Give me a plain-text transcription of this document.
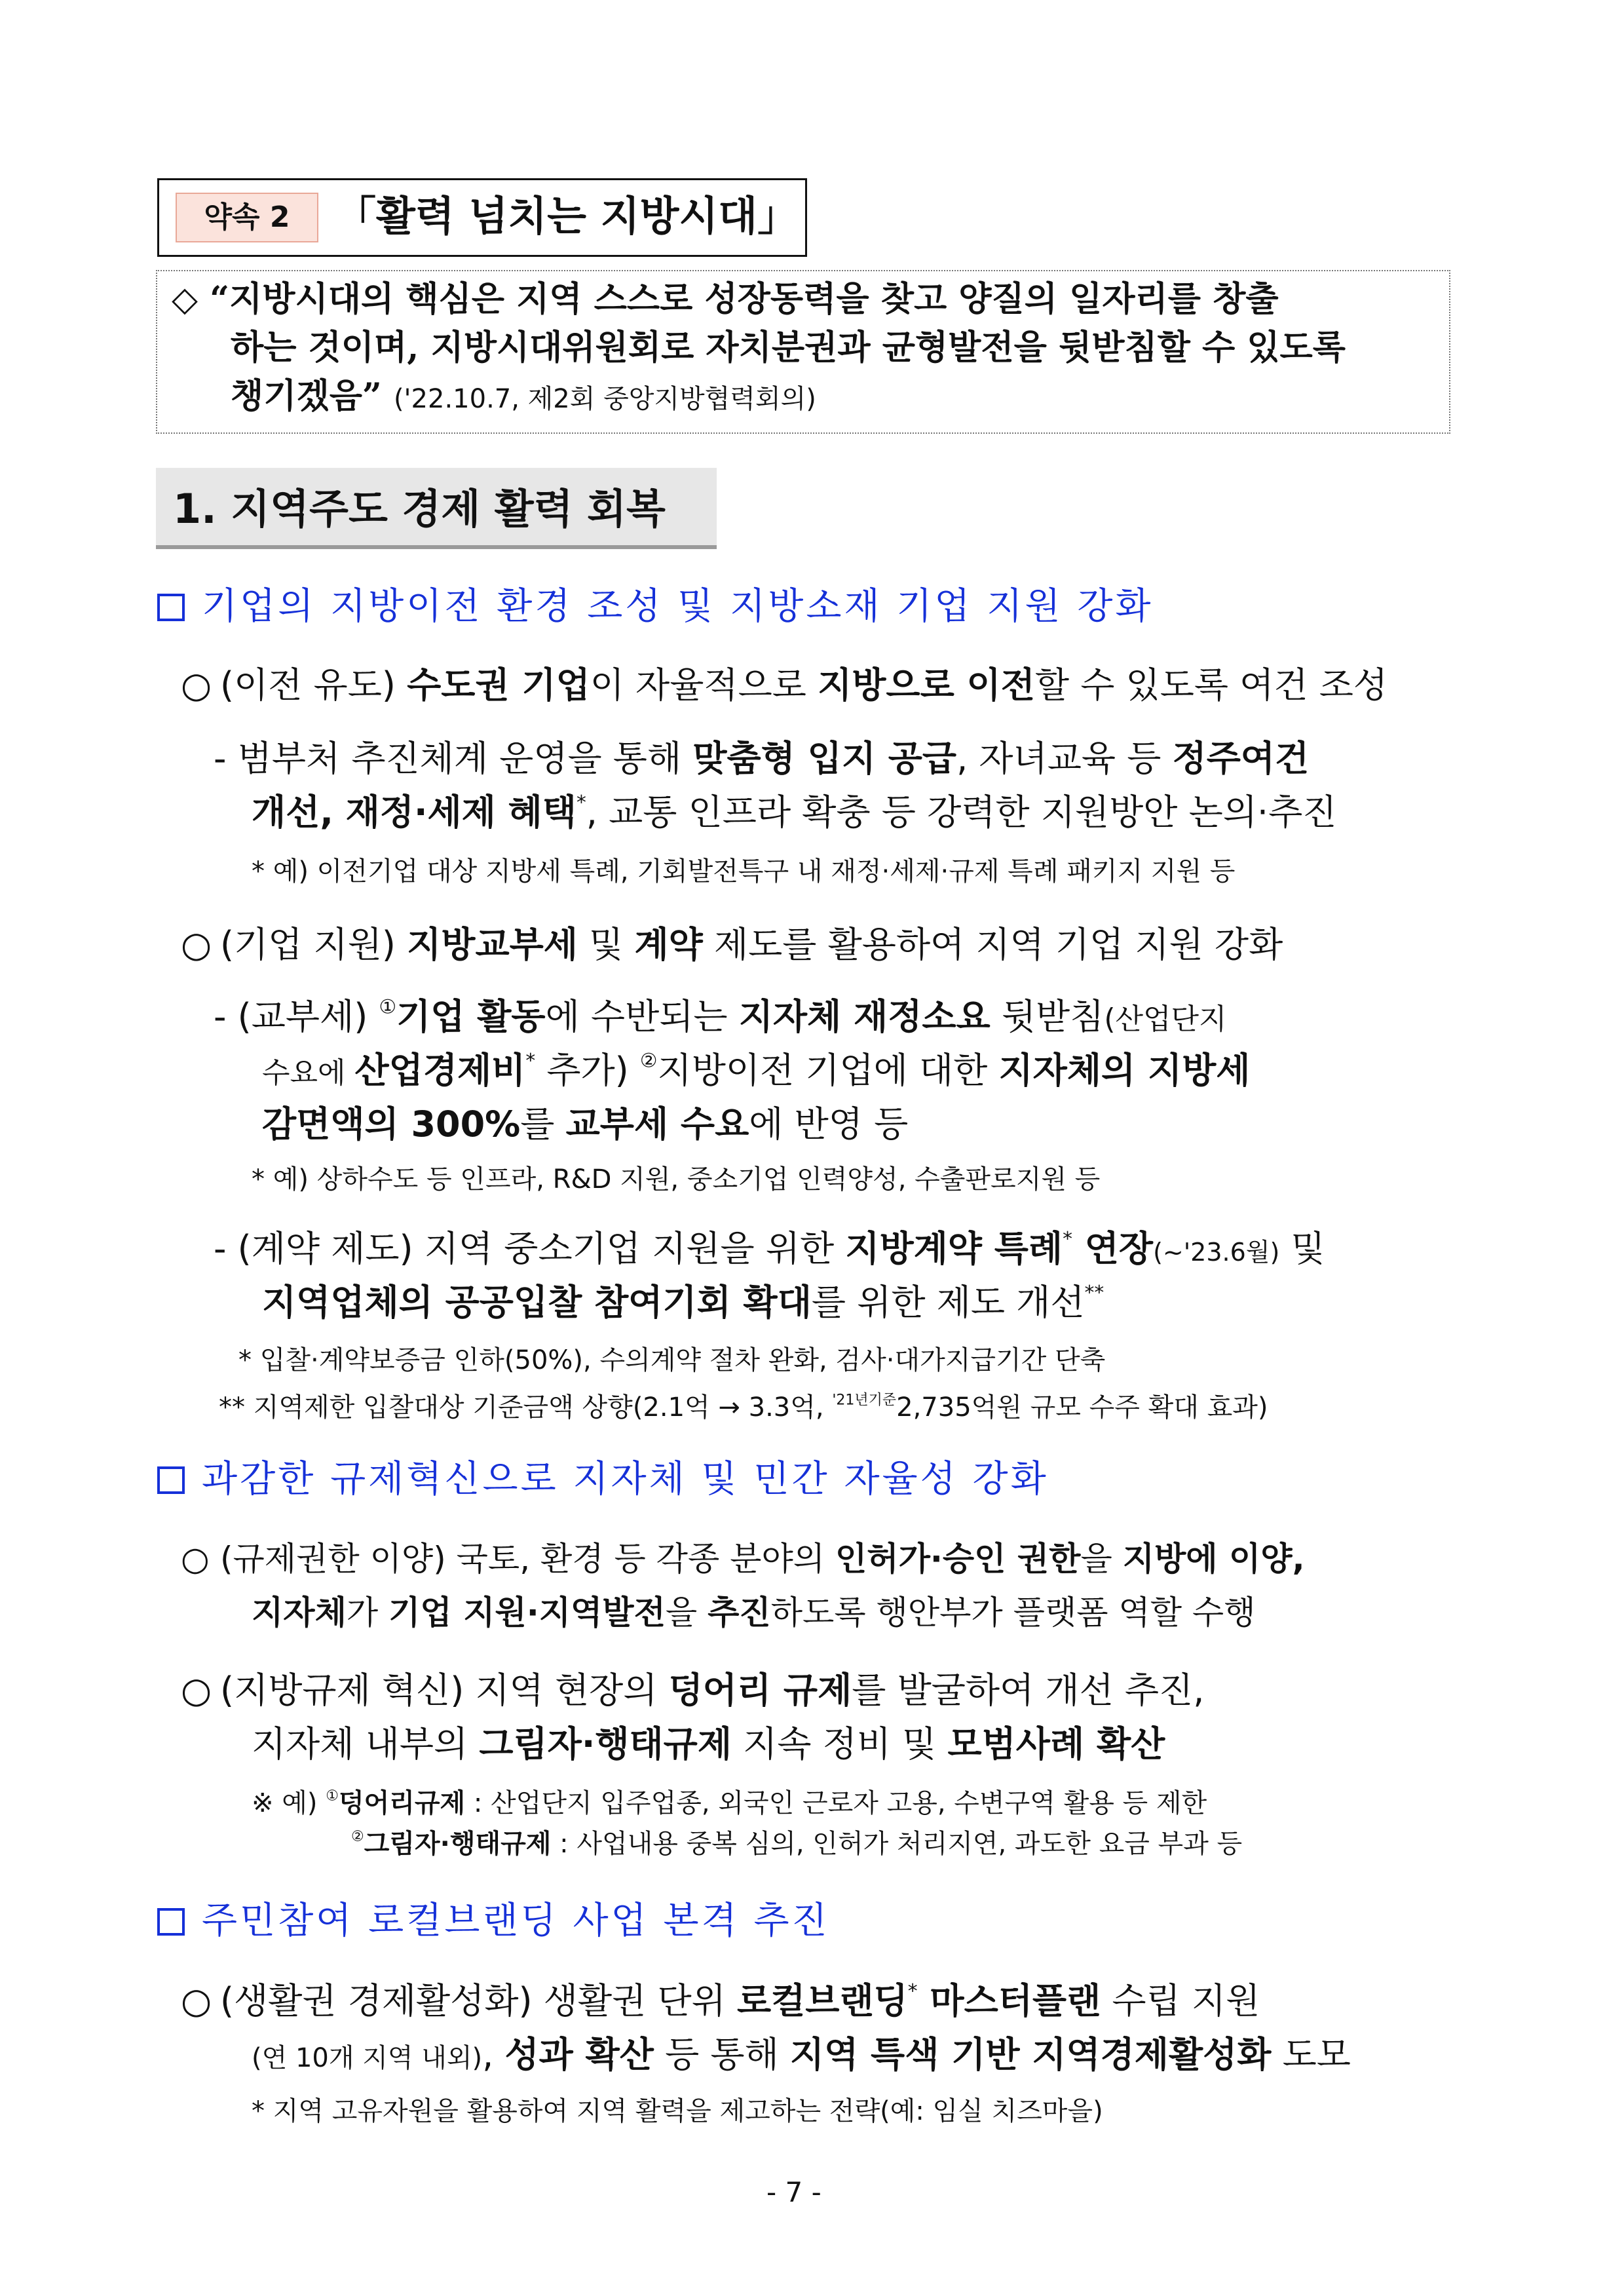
약속 2	「활력 넘치는 지방시대」
◇ “지방시대의 핵심은 지역 스스로 성장동력을 찾고 양질의 일자리를 창출
하는 것이며, 지방시대위원회로 자치분권과 균형발전을 뒷받침할 수 있도록
챙기겠음” ('22.10.7, 제2회 중앙지방협력회의)
1. 지역주도 경제 활력 회복
기업의 지방이전 환경 조성 및 지방소재 기업 지원 강화
○ (이전 유도) 수도권 기업이 자율적으로 지방으로 이전할 수 있도록 여건 조성
- 범부처 추진체계 운영을 통해 맞춤형 입지 공급, 자녀교육 등 정주여건
개선, 재정·세제 혜택*, 교통 인프라 확충 등 강력한 지원방안 논의·추진
* 예) 이전기업 대상 지방세 특례, 기회발전특구 내 재정·세제·규제 특례 패키지 지원 등
○ (기업 지원) 지방교부세 및 계약 제도를 활용하여 지역 기업 지원 강화
- (교부세) ①기업 활동에 수반되는 지자체 재정소요 뒷받침(산업단지
수요에 산업경제비* 추가) ②지방이전 기업에 대한 지자체의 지방세
감면액의 300%를 교부세 수요에 반영 등
* 예) 상하수도 등 인프라, R&D 지원, 중소기업 인력양성, 수출판로지원 등
- (계약 제도) 지역 중소기업 지원을 위한 지방계약 특례* 연장(~'23.6월) 및
지역업체의 공공입찰 참여기회 확대를 위한 제도 개선**
* 입찰·계약보증금 인하(50%), 수의계약 절차 완화, 검사·대가지급기간 단축
** 지역제한 입찰대상 기준금액 상향(2.1억 → 3.3억, $^{'21년기준}$2,735억원 규모 수주 확대 효과)
과감한 규제혁신으로 지자체 및 민간 자율성 강화
○ (규제권한 이양) 국토, 환경 등 각종 분야의 인허가·승인 권한을 지방에 이양,
지자체가 기업 지원·지역발전을 추진하도록 행안부가 플랫폼 역할 수행
○ (지방규제 혁신) 지역 현장의 덩어리 규제를 발굴하여 개선 추진,
지자체 내부의 그림자·행태규제 지속 정비 및 모범사례 확산
※ 예) ①덩어리규제 : 산업단지 입주업종, 외국인 근로자 고용, 수변구역 활용 등 제한
②그림자·행태규제 : 사업내용 중복 심의, 인허가 처리지연, 과도한 요금 부과 등
주민참여 로컬브랜딩 사업 본격 추진
○ (생활권 경제활성화) 생활권 단위 로컬브랜딩* 마스터플랜 수립 지원
(연 10개 지역 내외), 성과 확산 등 통해 지역 특색 기반 지역경제활성화 도모
* 지역 고유자원을 활용하여 지역 활력을 제고하는 전략(예: 임실 치즈마을)
- 7 -
